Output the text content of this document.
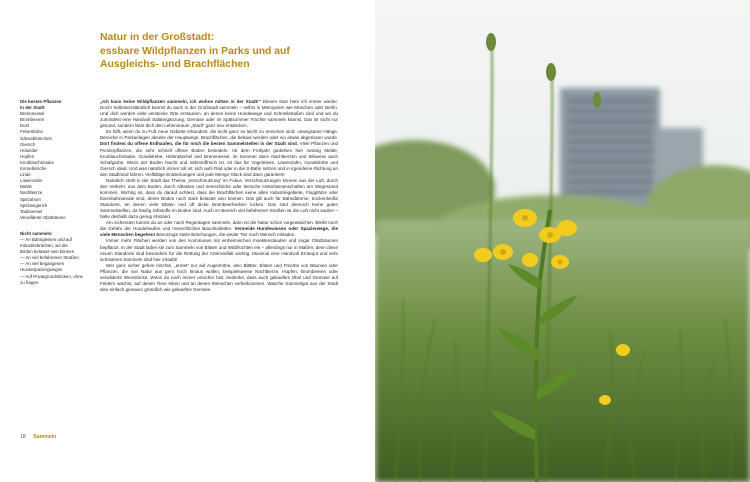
Natur in der Großstadt:
essbare Wildpflanzen in Parks und auf
Ausgleichs- und Brachflächen
Die besten Pflanzen
in der Stadt:
Brennnessel
Brombeeren
Dost
Felsenbirne
Gänseblümchen
Giersch
Holunder
Hopfen
Knoblauchsrauke
Kornelkirsche
Linde
Löwenzahn
Melde
Nachtkerze
Spitzahorn
Spitzwegerich
Taubnessel
Verwilderte Obstbäume
Nicht sammeln:
— An Bahngleisen und auf
Industriebrachen, wo die
Böden belastet sein können
— An viel befahrenen Straßen
— An viel begangenen
Hundespaziergwegen
— Auf Privatgrundstücken, ohne
zu fragen

„Ich kann keine Wildpflanzen sammeln, ich wohne mitten in der Stadt!“ Diesen Satz höre ich immer wieder. Doch! Selbstverständlich kannst du auch in der Großstadt sammeln – selbst in Metropolen wie München oder Berlin. Und dich werden viele verstecke Orte erstaunen, an denen keine Hundewege und Schnellstraßen sind und wo du zumindest eine Handvoll Salatergänzung, Gemüse oder im Spätsommer Früchte sammeln kannst. Das ist nicht nur gesund, sondern lässt dich den Lebensraum „Stadt“ ganz neu entdecken.

Es hilft, wenn du zu Fuß neue Gebiete erkundest, die nicht ganz so leicht zu erreichen sind: unwegsame Hänge, Bereiche in Parkanlagen abseits der Hauptwege, Brachflächen, die bebaut werden oder wo etwas abgerissen wurde. Dort findest du offene Erdhaufen, die für mich die besten Sammelstellen in der Stadt sind. Viele Pflanzen und Pionierpflanzen, die sehr schnell offene Böden besiedeln. Ab dem Frühjahr gedeihen hier massig Melde, Knoblauchsrauke, Gundelrebe, Hirtentäschel und Brennnessel, im Sommer dann Nachtkerzen und teilweise auch Schafgarbe. Wenn der Boden feucht und nährstoffreich ist, ist das für Vogelmiere, Löwenzahn, Gundelrebe und Giersch ideal. Und was natürlich immer toll ist: sich aufs Rad oder in die S-Bahn setzen und in irgendeine Richtung an den Stadtrand fahren. Vielfältige Entdeckungen und jede Menge Glück sind dann garantiert!

Natürlich steht in der Stadt das Thema „Verschmutzung“ im Fokus. Verschmutzungen können aus der Luft, durch den Verkehr, aus dem Boden, durch Altlasten und menschliche oder tierische Hinterlassenschaften am Wegesrand kommen. Wichtig ist, dass du darauf achtest, dass die Brachflächen keine alten Industriegebiete, Flugplätze oder Eisenbahnareale sind, deren Böden noch stark belastet sein können. Das gilt auch für Bahndämme, trockenheiße Standorte, an denen viele Blüten und oft dicke Brombeerhecken locken. Das sind dennoch keine guten Sammelstellen, da häufig Giftstoffe im Boden sind. Auch im Bereich viel befahrener Straßen ist die Luft nicht sauber – halte deshalb dazu genug Abstand.

Am sichersten kannst du an oder nach Regentagen sammeln, dann ist die Natur schon vorgewaschen. Bleibt noch die Gefahr der Hundehaufen und menschlichen Bauchtoiletten. Vermeide Hundewiesen oder Spazierwege, die viele Menschen begehen! Bevorzuge steile Böschungen, die weder Tier noch Mensch einladen.

Immer mehr Flächen werden von den Kommunen mit einheimischen Insektenstauden und sogar Obstbäumen bepflanzt. In der Stadt laden sie zum Sammeln von Blüten und Wildfrüchten ein – allerdings nur in Maßen, denn diese neuen Standorte sind besonders für die Rettung der Artenvielfalt wichtig. Maximal eine Handvoll Erntequt und sehr achtsames Sammeln sind hier erlaubt!

Wer ganz sicher gehen möchte, „erntet“ nur auf Augenhöhe, also Blätter, Blüten und Früchte von Bäumen oder Pflanzen, die von Natur aus gern hoch hinaus wollen, beispielsweise Nachtkerze, Hopfen, Brombeeren oder verwilderte Weinstöcke. Wenn du noch immer unsicher bist, bedenke, dass auch gekauftes Obst und Gemüse auf Feldern wächst, auf denen Tiere leben und an denen Menschen vorbeikommen. Wasche Sammelgut aus der Stadt also einfach genauso gründlich wie gekauftes Gemüse.

18 Sammeln
